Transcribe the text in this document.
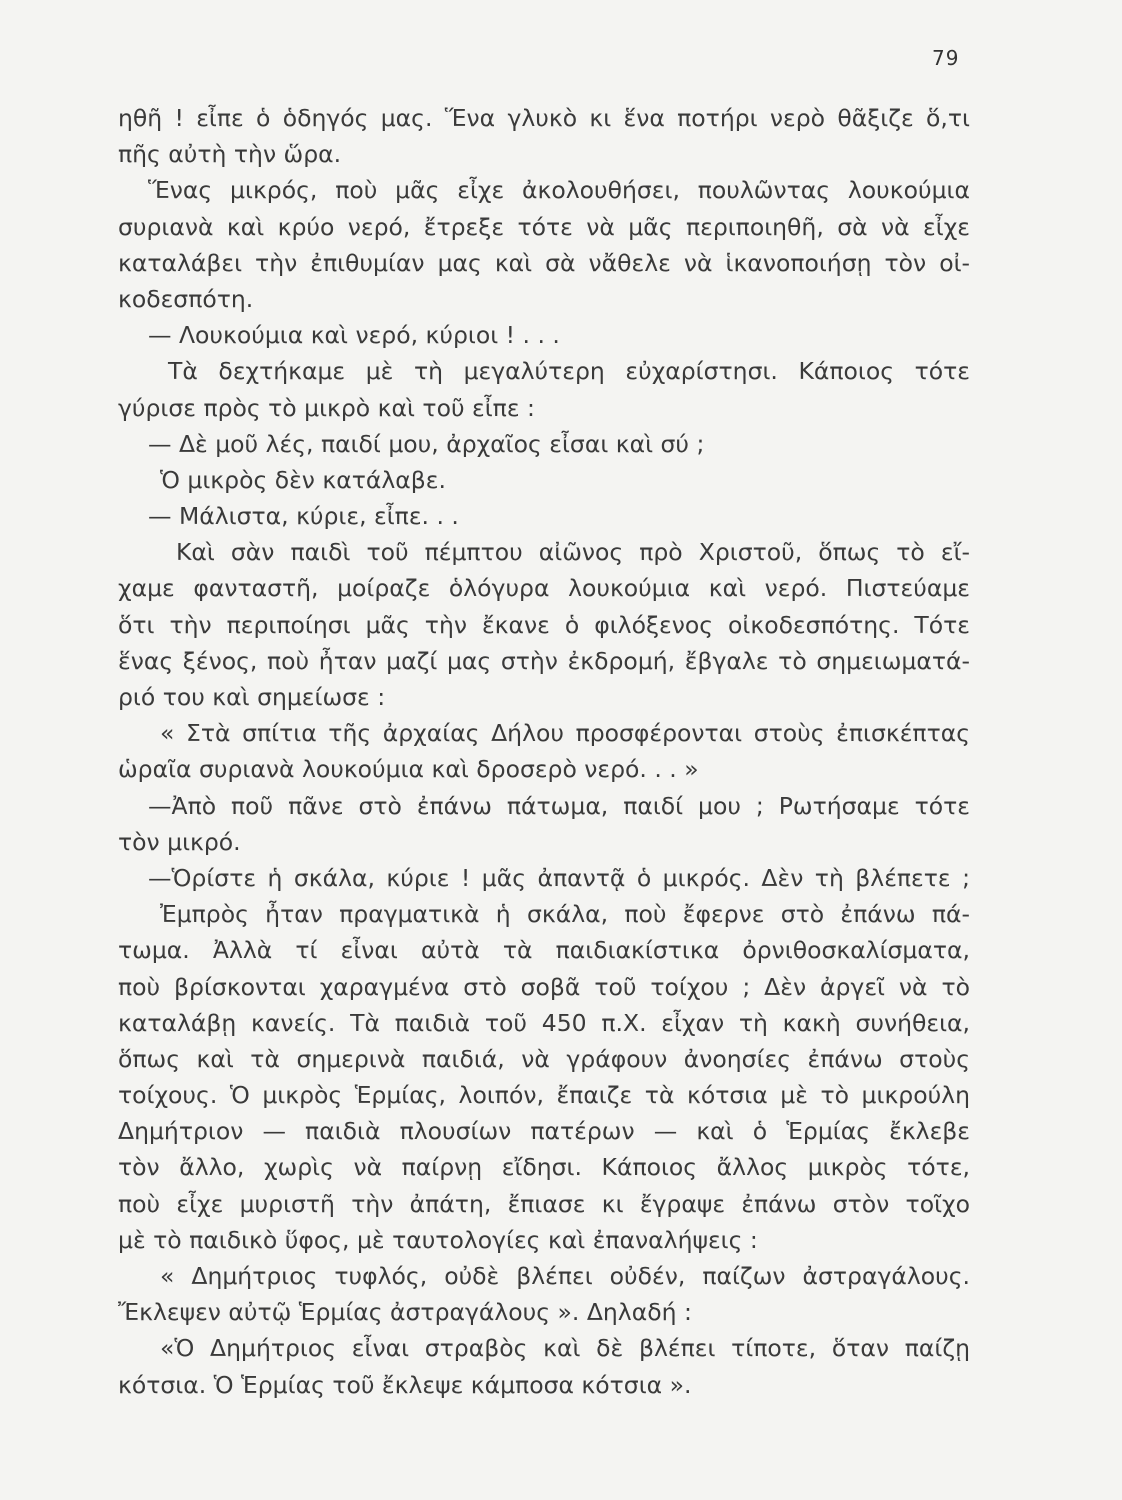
79
ηθῆ ! εἶπε ὁ ὁδηγός μας. Ἕνα γλυκὸ κι ἕνα ποτήρι νερὸ θᾶξιζε ὅ,τι
πῆς αὐτὴ τὴν ὥρα.
Ἕνας μικρός, ποὺ μᾶς εἶχε ἀκολουθήσει, πουλῶντας λουκούμια
συριανὰ καὶ κρύο νερό, ἔτρεξε τότε νὰ μᾶς περιποιηθῆ, σὰ νὰ εἶχε
καταλάβει τὴν ἐπιθυμίαν μας καὶ σὰ νἄθελε νὰ ἱκανοποιήσῃ τὸν οἰ-
κοδεσπότη.
— Λουκούμια καὶ νερό, κύριοι ! . . .
Τὰ δεχτήκαμε μὲ τὴ μεγαλύτερη εὐχαρίστησι. Κάποιος τότε
γύρισε πρὸς τὸ μικρὸ καὶ τοῦ εἶπε :
— Δὲ μοῦ λές, παιδί μου, ἀρχαῖος εἶσαι καὶ σύ ;
Ὁ μικρὸς δὲν κατάλαβε.
— Μάλιστα, κύριε, εἶπε. . .
Καὶ σὰν παιδὶ τοῦ πέμπτου αἰῶνος πρὸ Χριστοῦ, ὅπως τὸ εἴ-
χαμε φανταστῆ, μοίραζε ὁλόγυρα λουκούμια καὶ νερό. Πιστεύαμε
ὅτι τὴν περιποίησι μᾶς τὴν ἔκανε ὁ φιλόξενος οἰκοδεσπότης. Τότε
ἕνας ξένος, ποὺ ἦταν μαζί μας στὴν ἐκδρομή, ἔβγαλε τὸ σημειωματά-
ριό του καὶ σημείωσε :
« Στὰ σπίτια τῆς ἀρχαίας Δήλου προσφέρονται στοὺς ἐπισκέπτας
ὡραῖα συριανὰ λουκούμια καὶ δροσερὸ νερό. . . »
—Ἀπὸ ποῦ πᾶνε στὸ ἐπάνω πάτωμα, παιδί μου ; Ρωτήσαμε τότε
τὸν μικρό.
—Ὁρίστε ἡ σκάλα, κύριε ! μᾶς ἀπαντᾷ ὁ μικρός. Δὲν τὴ βλέπετε ;
Ἐμπρὸς ἦταν πραγματικὰ ἡ σκάλα, ποὺ ἔφερνε στὸ ἐπάνω πά-
τωμα. Ἀλλὰ τί εἶναι αὐτὰ τὰ παιδιακίστικα ὀρνιθοσκαλίσματα,
ποὺ βρίσκονται χαραγμένα στὸ σοβᾶ τοῦ τοίχου ; Δὲν ἀργεῖ νὰ τὸ
καταλάβῃ κανείς. Τὰ παιδιὰ τοῦ 450 π.Χ. εἶχαν τὴ κακὴ συνήθεια,
ὅπως καὶ τὰ σημερινὰ παιδιά, νὰ γράφουν ἀνοησίες ἐπάνω στοὺς
τοίχους. Ὁ μικρὸς Ἑρμίας, λοιπόν, ἔπαιζε τὰ κότσια μὲ τὸ μικρούλη
Δημήτριον — παιδιὰ πλουσίων πατέρων — καὶ ὁ Ἑρμίας ἔκλεβε
τὸν ἄλλο, χωρὶς νὰ παίρνῃ εἴδησι. Κάποιος ἄλλος μικρὸς τότε,
ποὺ εἶχε μυριστῆ τὴν ἀπάτη, ἔπιασε κι ἔγραψε ἐπάνω στὸν τοῖχο
μὲ τὸ παιδικὸ ὕφος, μὲ ταυτολογίες καὶ ἐπαναλήψεις :
« Δημήτριος τυφλός, οὐδὲ βλέπει οὐδέν, παίζων ἀστραγάλους.
Ἔκλεψεν αὐτῷ Ἑρμίας ἀστραγάλους ». Δηλαδή :
«Ὁ Δημήτριος εἶναι στραβὸς καὶ δὲ βλέπει τίποτε, ὅταν παίζῃ
κότσια. Ὁ Ἑρμίας τοῦ ἔκλεψε κάμποσα κότσια ».
